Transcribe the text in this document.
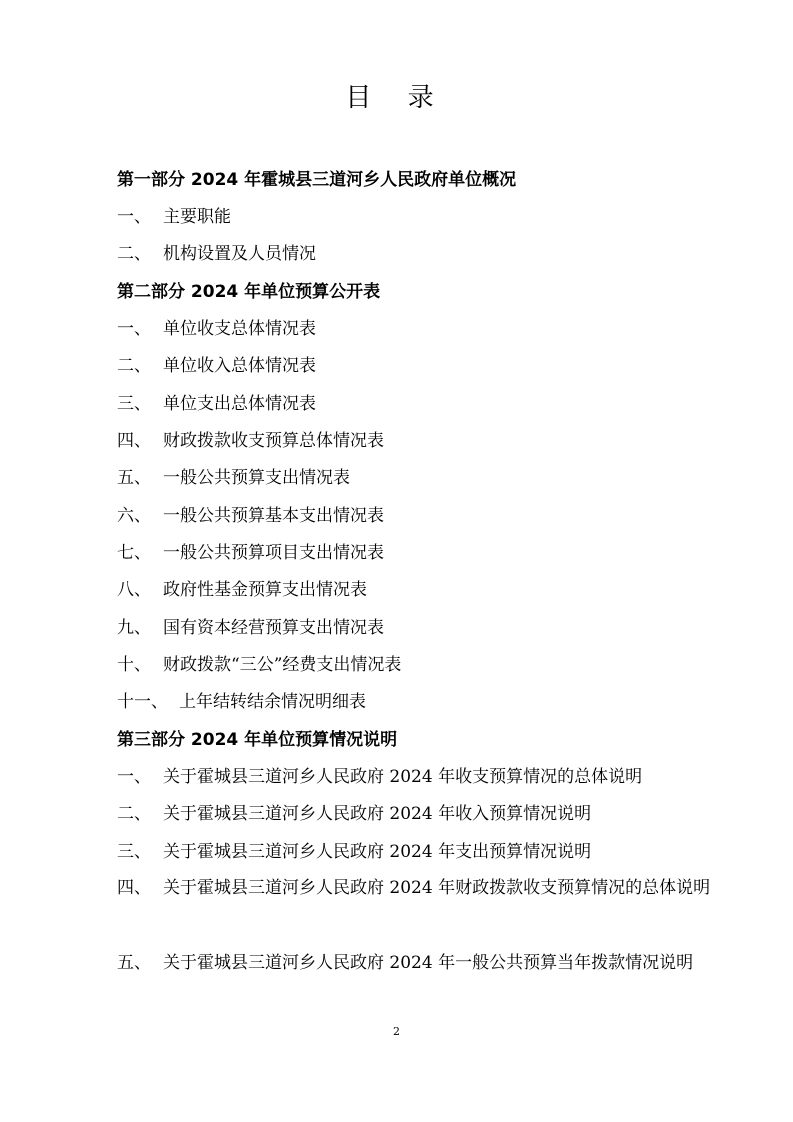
目 录
第一部分 2024 年霍城县三道河乡人民政府单位概况
一、 主要职能
二、 机构设置及人员情况
第二部分 2024 年单位预算公开表
一、 单位收支总体情况表
二、 单位收入总体情况表
三、 单位支出总体情况表
四、 财政拨款收支预算总体情况表
五、 一般公共预算支出情况表
六、 一般公共预算基本支出情况表
七、 一般公共预算项目支出情况表
八、 政府性基金预算支出情况表
九、 国有资本经营预算支出情况表
十、 财政拨款“三公”经费支出情况表
十一、 上年结转结余情况明细表
第三部分 2024 年单位预算情况说明
一、 关于霍城县三道河乡人民政府 2024 年收支预算情况的总体说明
二、 关于霍城县三道河乡人民政府 2024 年收入预算情况说明
三、 关于霍城县三道河乡人民政府 2024 年支出预算情况说明
四、 关于霍城县三道河乡人民政府 2024 年财政拨款收支预算情况的总体说明
五、 关于霍城县三道河乡人民政府 2024 年一般公共预算当年拨款情况说明
2
